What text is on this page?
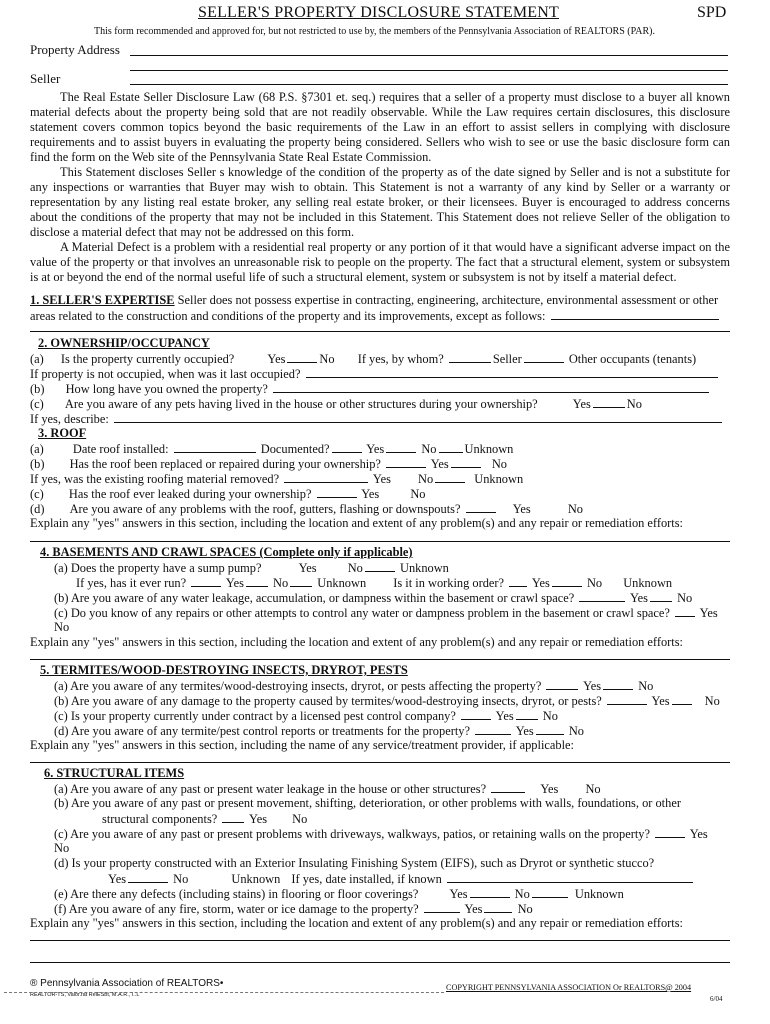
SELLER'S PROPERTY DISCLOSURE STATEMENT	SPD
This form recommended and approved for, but not restricted to use by, the members of the Pennsylvania Association of REALTORS (PAR).
Property Address
Seller
The Real Estate Seller Disclosure Law (68 P.S. §7301 et. seq.) requires that a seller of a property must disclose to a buyer all known material defects about the property being sold that are not readily observable. While the Law requires certain disclosures, this disclosure statement covers common topics beyond the basic requirements of the Law in an effort to assist sellers in complying with disclosure requirements and to assist buyers in evaluating the property being considered. Sellers who wish to see or use the basic disclosure form can find the form on the Web site of the Pennsylvania State Real Estate Commission.
This Statement discloses Seller s knowledge of the condition of the property as of the date signed by Seller and is not a substitute for any inspections or warranties that Buyer may wish to obtain. This Statement is not a warranty of any kind by Seller or a warranty or representation by any listing real estate broker, any selling real estate broker, or their licensees. Buyer is encouraged to address concerns about the conditions of the property that may not be included in this Statement. This Statement does not relieve Seller of the obligation to disclose a material defect that may not be addressed on this form.
A Material Defect is a problem with a residential real property or any portion of it that would have a significant adverse impact on the value of the property or that involves an unreasonable risk to people on the property. The fact that a structural element, system or subsystem is at or beyond the end of the normal useful life of such a structural element, system or subsystem is not by itself a material defect.
1. SELLER'S EXPERTISE Seller does not possess expertise in contracting, engineering, architecture, environmental assessment or other
areas related to the construction and conditions of the property and its improvements, except as follows:
2. OWNERSHIP/OCCUPANCY
(a) Is the property currently occupied?	Yes	No If yes, by whom?	Seller	Other occupants (tenants)
If property is not occupied, when was it last occupied?
(b) How long have you owned the property?
(c) Are you aware of any pets having lived in the house or other structures during your ownership?	Yes	No
If yes, describe:
3. ROOF
(a) Date roof installed:	Documented?	Yes	No Unknown
(b) Has the roof been replaced or repaired during your ownership?	Yes	No
If yes, was the existing roofing material removed?	Yes No	Unknown
(c) Has the roof ever leaked during your ownership?	Yes	No
(d) Are you aware of any problems with the roof, gutters, flashing or downspouts?	Yes	No
Explain any "yes" answers in this section, including the location and extent of any problem(s) and any repair or remediation efforts:
4. BASEMENTS AND CRAWL SPACES (Complete only if applicable)
(a) Does the property have a sump pump?	Yes	No	Unknown
If yes, has it ever run?	Yes No Unknown Is it in working order? Yes	No Unknown
(b) Are you aware of any water leakage, accumulation, or dampness within the basement or crawl space?	Yes No
(c) Do you know of any repairs or other attempts to control any water or dampness problem in the basement or crawl space? Yes
No
Explain any "yes" answers in this section, including the location and extent of any problem(s) and any repair or remediation efforts:
5. TERMITES/WOOD-DESTROYING INSECTS, DRYROT, PESTS
(a) Are you aware of any termites/wood-destroying insects, dryrot, or pests affecting the property?	Yes	No
(b) Are you aware of any damage to the property caused by termites/wood-destroying insects, dryrot, or pests?	Yes	No
(c) Is your property currently under contract by a licensed pest control company?	Yes No
(d) Are you aware of any termite/pest control reports or treatments for the property?	Yes	No
Explain any "yes" answers in this section, including the name of any service/treatment provider, if applicable:
6. STRUCTURAL ITEMS
(a) Are you aware of any past or present water leakage in the house or other structures?	Yes No
(b) Are you aware of any past or present movement, shifting, deterioration, or other problems with walls, foundations, or other
structural components?	Yes No
(c) Are you aware of any past or present problems with driveways, walkways, patios, or retaining walls on the property?	Yes
No
(d) Is your property constructed with an Exterior Insulating Finishing System (EIFS), such as Dryrot or synthetic stucco?
Yes	No	Unknown If yes, date installed, if known
(e) Are there any defects (including stains) in flooring or floor coverings?	Yes	No	Unknown
(f) Are you aware of any fire, storm, water or ice damage to the property?	Yes	No
Explain any "yes" answers in this section, including the location and extent of any problem(s) and any repair or remediation efforts:
® Pennsylvania Association of REALTORS•
REALTOR-TS, Valor.fat RelESbt, M.A.R., I..L
COPYRIGHT PENNSYLVANIA ASSOCIATION Or REALTORS@ 2004
6/04
